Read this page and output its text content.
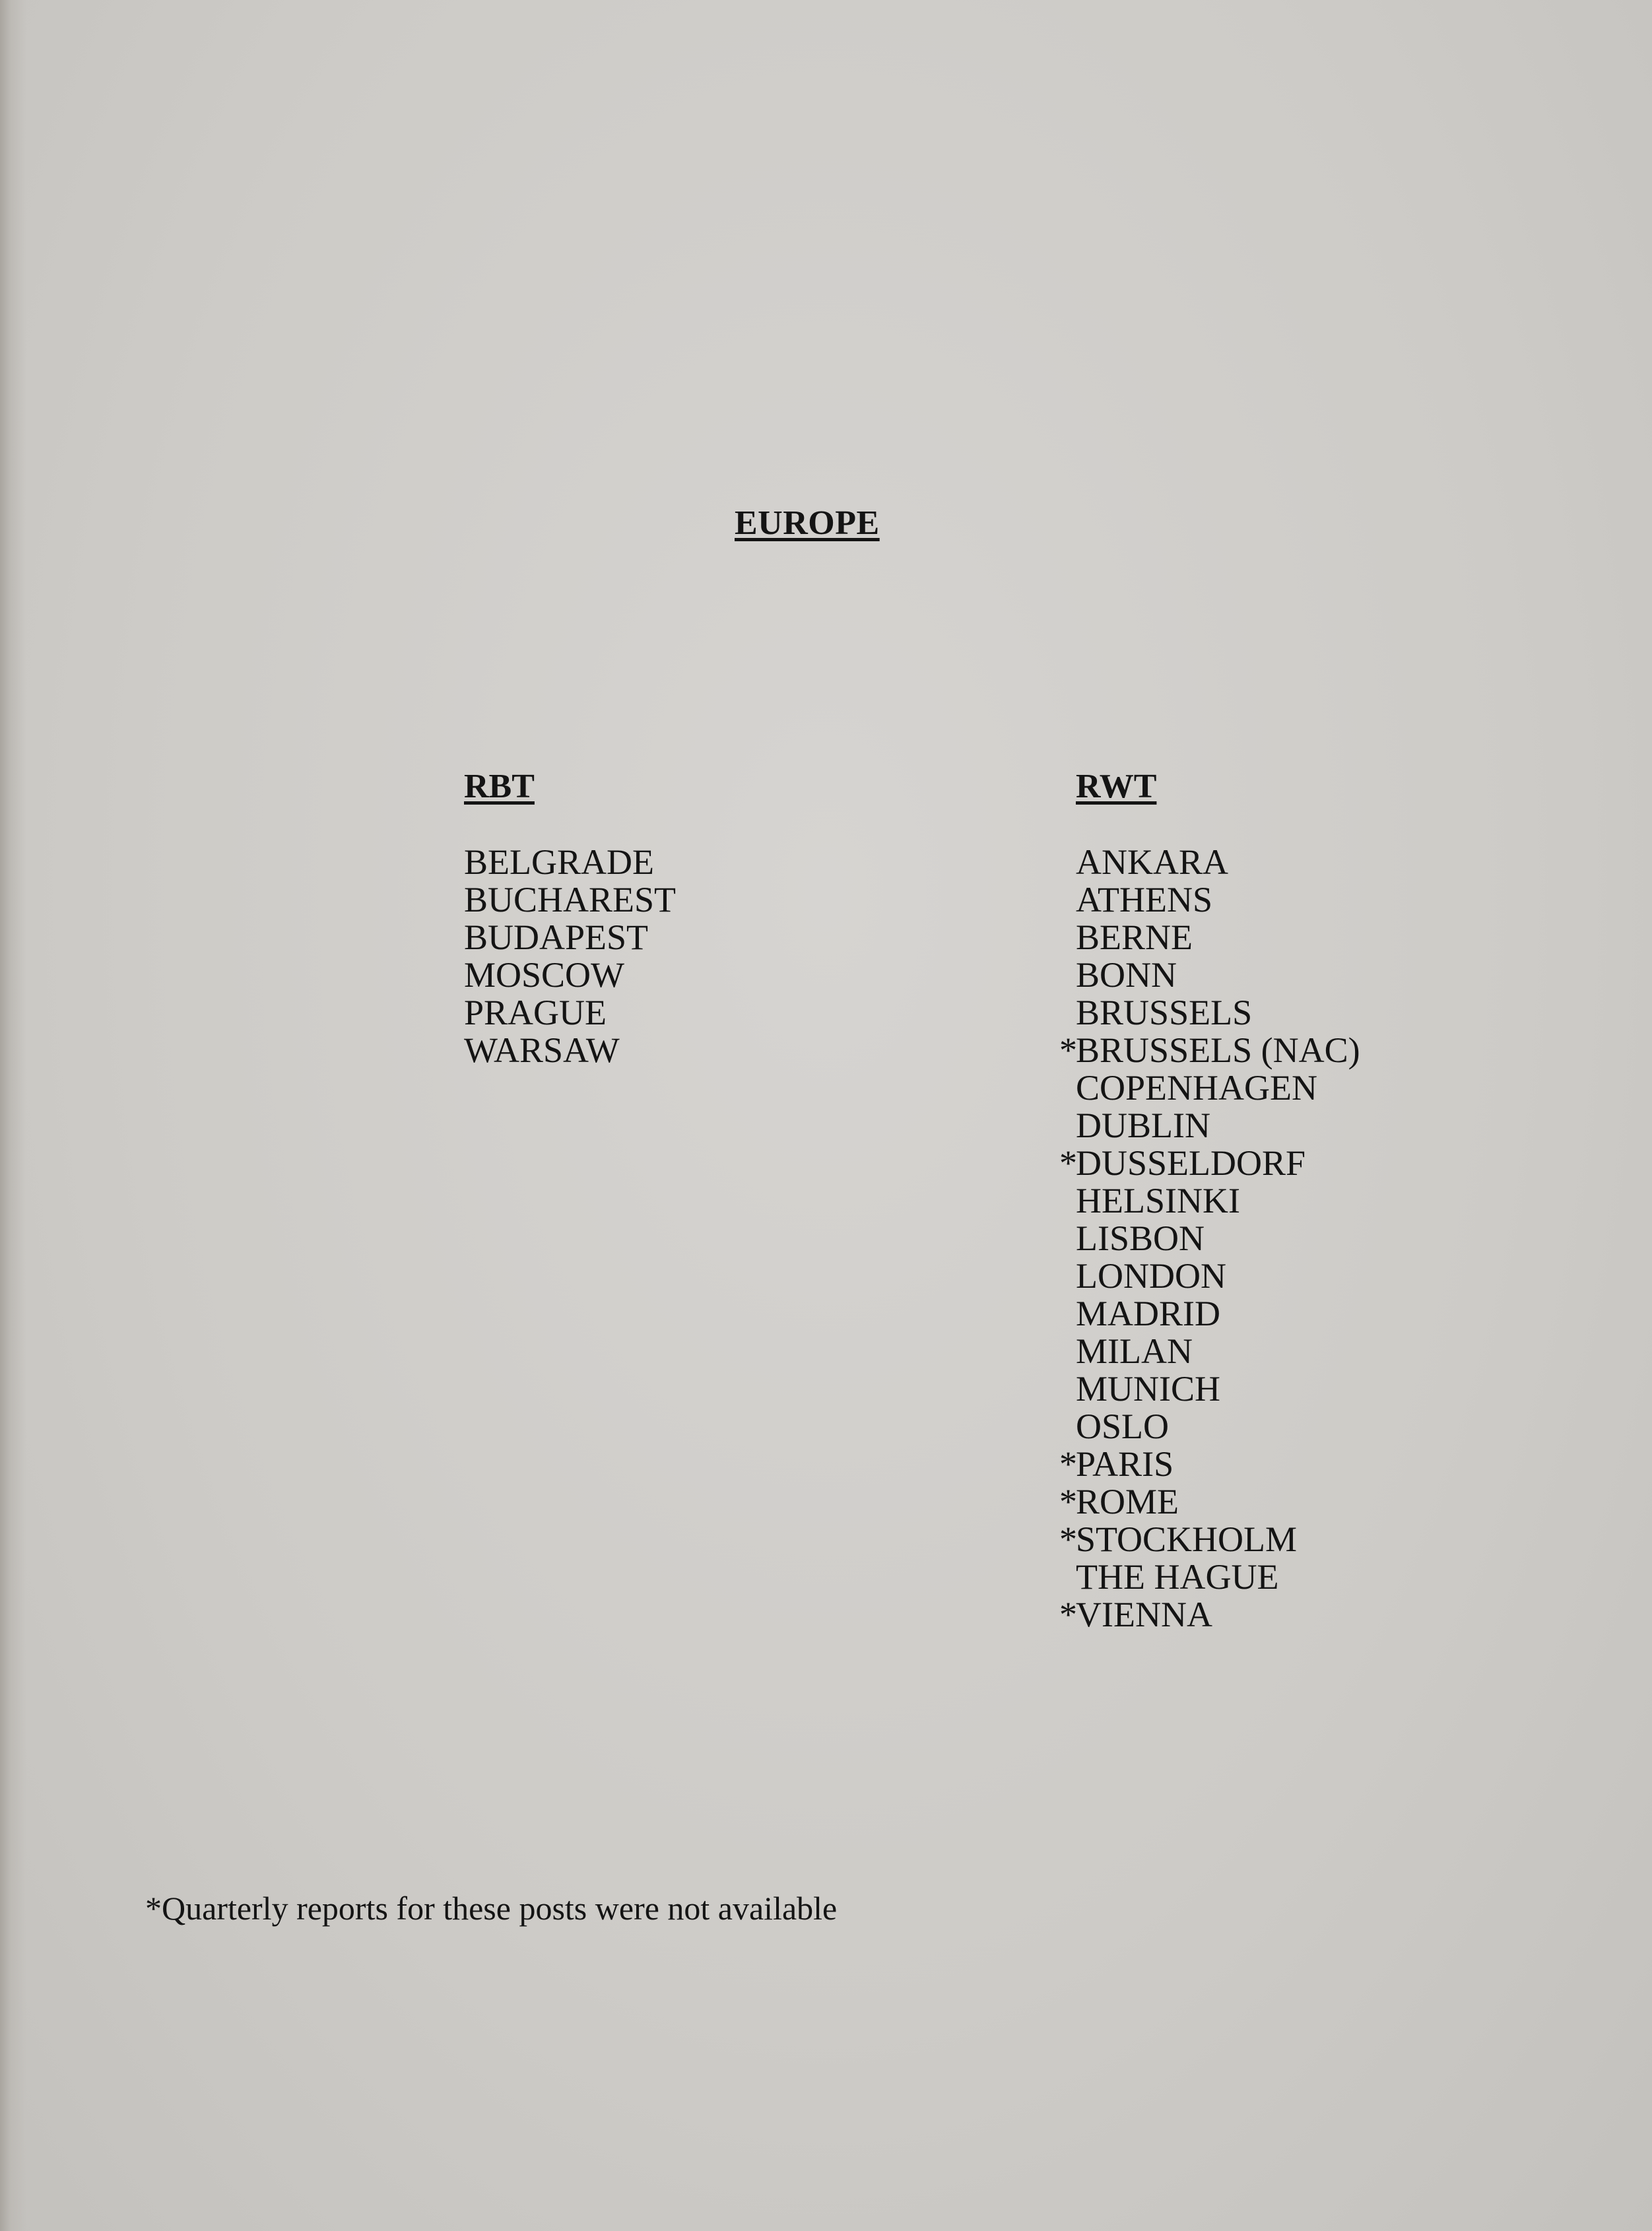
EUROPE
RBT
BELGRADE
BUCHAREST
BUDAPEST
MOSCOW
PRAGUE
WARSAW
RWT
ANKARA
ATHENS
BERNE
BONN
BRUSSELS
*BRUSSELS (NAC)
COPENHAGEN
DUBLIN
*DUSSELDORF
HELSINKI
LISBON
LONDON
MADRID
MILAN
MUNICH
OSLO
*PARIS
*ROME
*STOCKHOLM
THE HAGUE
*VIENNA

*Quarterly reports for these posts were not available
